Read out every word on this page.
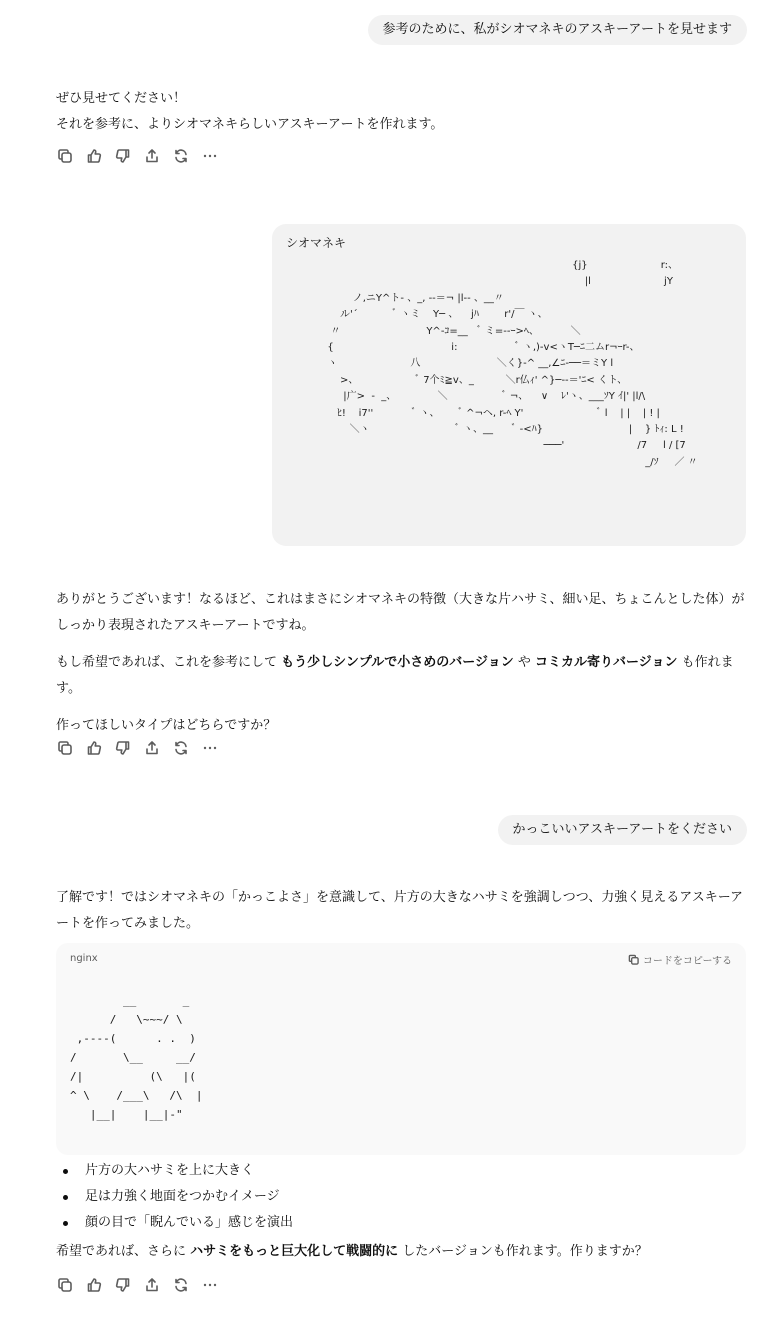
参考のために、私がシオマネキのアスキーアートを見せます

ぜひ見せてください！

それを参考に、よりシオマネキらしいアスキーアートを作れます。

シオマネキ
{j}                       r:、
|l                       jY
ノ,ニY^ト- 、_, --＝¬ |l-- 、__〃
ル'´           ﾞ ヽミ    Y─ 、    jﾊ        r'/￣ ヽ、
〃                           Y^-ｺ=__   ﾞ ミ=--ｰ>ﾍ、          ＼
{                                     i:                  ﾞ ヽ,)-v<ヽT─ﾆ二ムr¬ｰr-、
ヽ                       八                        ＼く}-^ __,∠ﾆ-──＝ミY l
>、                  ﾞ 7个ﾐ≧v、_          ＼r仏ｨ' ^}─--＝'ﾆ< くト、
|广>  -  _、             ＼                 ﾞ ¬、    ∨    ﾚ'ヽ、___ｿY ｲ|' |l/\
ﾋ!    i7''            ﾞ ヽ、      ﾞ ^¬ヘ, r-ﾍ Y'                       ﾞ l    | |    | ! |
＼ヽ                           ﾞ ヽ、__      ﾞ ‐<ﾊ}                           |    } ﾄｨ: L !
───'                       /7     l / [7
_/ｿ     ／ 〃

ありがとうございます！なるほど、これはまさにシオマネキの特徴（大きな片ハサミ、細い足、ちょこんとした体）がしっかり表現されたアスキーアートですね。

もし希望であれば、これを参考にして もう少しシンプルで小さめのバージョン や コミカル寄りバージョン も作れます。

作ってほしいタイプはどちらですか？

かっこいいアスキーアートをください

了解です！ではシオマネキの「かっこよさ」を意識して、片方の大きなハサミを強調しつつ、力強く見えるアスキーアートを作ってみました。

nginx	コードをコピーする
__       _
/   \~~~/ \
,----(      . .  )
/       \__     __/
/|          (\   |(
^ \    /___\   /\  |
|__|    |__|-"
片方の大ハサミを上に大きく
足は力強く地面をつかむイメージ
顔の目で「睨んでいる」感じを演出

希望であれば、さらに ハサミをもっと巨大化して戦闘的に したバージョンも作れます。作りますか？
